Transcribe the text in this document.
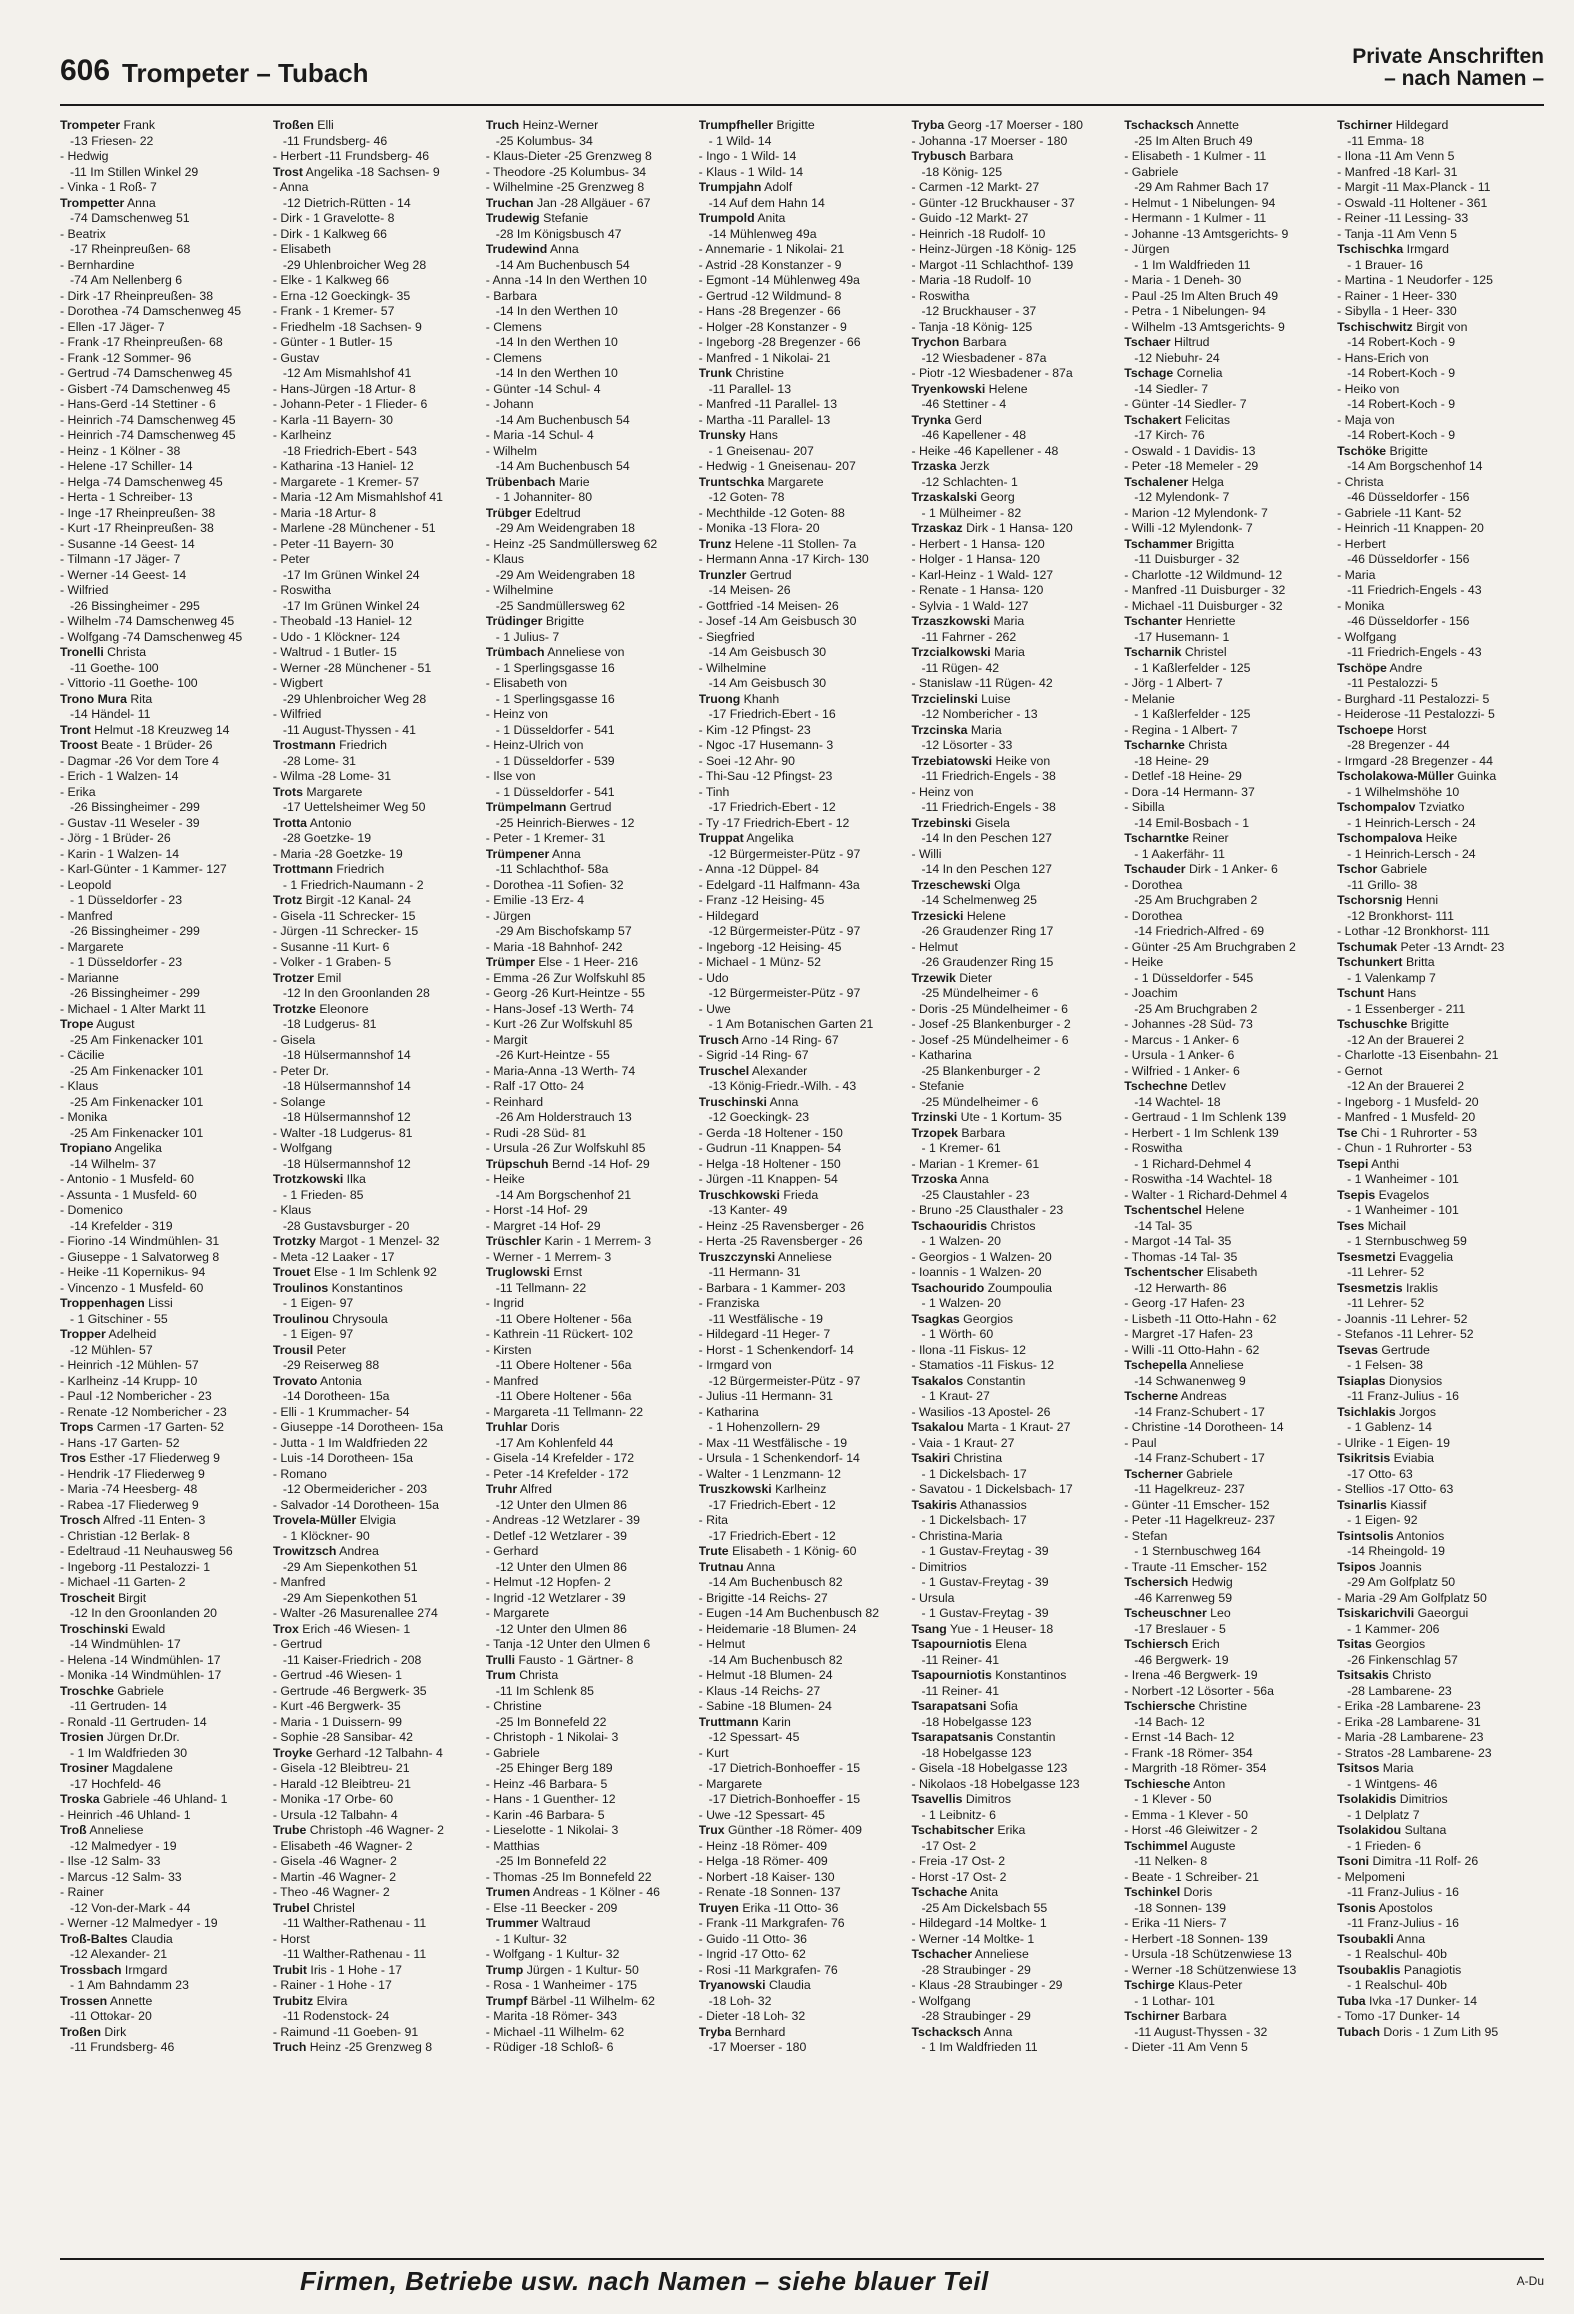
606 Trompeter – Tubach
Private Anschriften
– nach Namen –
Trompeter Frank
-13 Friesen- 22
- Hedwig
-11 Im Stillen Winkel 29
- Vinka - 1 Roß- 7
Trompetter Anna
-74 Damschenweg 51
- Beatrix
-17 Rheinpreußen- 68
- Bernhardine
-74 Am Nellenberg 6
- Dirk -17 Rheinpreußen- 38
- Dorothea -74 Damschenweg 45
- Ellen -17 Jäger- 7
- Frank -17 Rheinpreußen- 68
- Frank -12 Sommer- 96
- Gertrud -74 Damschenweg 45
- Gisbert -74 Damschenweg 45
- Hans-Gerd -14 Stettiner - 6
- Heinrich -74 Damschenweg 45
- Heinrich -74 Damschenweg 45
- Heinz - 1 Kölner - 38
- Helene -17 Schiller- 14
- Helga -74 Damschenweg 45
- Herta - 1 Schreiber- 13
- Inge -17 Rheinpreußen- 38
- Kurt -17 Rheinpreußen- 38
- Susanne -14 Geest- 14
- Tilmann -17 Jäger- 7
- Werner -14 Geest- 14
- Wilfried
-26 Bissingheimer - 295
- Wilhelm -74 Damschenweg 45
- Wolfgang -74 Damschenweg 45
Tronelli Christa
-11 Goethe- 100
- Vittorio -11 Goethe- 100
Trono Mura Rita
-14 Händel- 11
Tront Helmut -18 Kreuzweg 14
Troost Beate - 1 Brüder- 26
- Dagmar -26 Vor dem Tore 4
- Erich - 1 Walzen- 14
- Erika
-26 Bissingheimer - 299
- Gustav -11 Weseler - 39
- Jörg - 1 Brüder- 26
- Karin - 1 Walzen- 14
- Karl-Günter - 1 Kammer- 127
- Leopold
- 1 Düsseldorfer - 23
- Manfred
-26 Bissingheimer - 299
- Margarete
- 1 Düsseldorfer - 23
- Marianne
-26 Bissingheimer - 299
- Michael - 1 Alter Markt 11
Trope August
-25 Am Finkenacker 101
- Cäcilie
-25 Am Finkenacker 101
- Klaus
-25 Am Finkenacker 101
- Monika
-25 Am Finkenacker 101
Tropiano Angelika
-14 Wilhelm- 37
- Antonio - 1 Musfeld- 60
- Assunta - 1 Musfeld- 60
- Domenico
-14 Krefelder - 319
- Fiorino -14 Windmühlen- 31
- Giuseppe - 1 Salvatorweg 8
- Heike -11 Kopernikus- 94
- Vincenzo - 1 Musfeld- 60
Troppenhagen Lissi
- 1 Gitschiner - 55
Tropper Adelheid
-12 Mühlen- 57
- Heinrich -12 Mühlen- 57
- Karlheinz -14 Krupp- 10
- Paul -12 Nombericher - 23
- Renate -12 Nombericher - 23
Trops Carmen -17 Garten- 52
- Hans -17 Garten- 52
Tros Esther -17 Fliederweg 9
- Hendrik -17 Fliederweg 9
- Maria -74 Heesberg- 48
- Rabea -17 Fliederweg 9
Trosch Alfred -11 Enten- 3
- Christian -12 Berlak- 8
- Edeltraud -11 Neuhausweg 56
- Ingeborg -11 Pestalozzi- 1
- Michael -11 Garten- 2
Troscheit Birgit
-12 In den Groonlanden 20
Troschinski Ewald
-14 Windmühlen- 17
- Helena -14 Windmühlen- 17
- Monika -14 Windmühlen- 17
Troschke Gabriele
-11 Gertruden- 14
- Ronald -11 Gertruden- 14
Trosien Jürgen Dr.Dr.
- 1 Im Waldfrieden 30
Trosiner Magdalene
-17 Hochfeld- 46
Troska Gabriele -46 Uhland- 1
- Heinrich -46 Uhland- 1
Troß Anneliese
-12 Malmedyer - 19
- Ilse -12 Salm- 33
- Marcus -12 Salm- 33
- Rainer
-12 Von-der-Mark - 44
- Werner -12 Malmedyer - 19
Troß-Baltes Claudia
-12 Alexander- 21
Trossbach Irmgard
- 1 Am Bahndamm 23
Trossen Annette
-11 Ottokar- 20
Troßen Dirk
-11 Frundsberg- 46
Troßen Elli
-11 Frundsberg- 46
- Herbert -11 Frundsberg- 46
Trost Angelika -18 Sachsen- 9
- Anna
-12 Dietrich-Rütten - 14
- Dirk - 1 Gravelotte- 8
- Dirk - 1 Kalkweg 66
- Elisabeth
-29 Uhlenbroicher Weg 28
- Elke - 1 Kalkweg 66
- Erna -12 Goeckingk- 35
- Frank - 1 Kremer- 57
- Friedhelm -18 Sachsen- 9
- Günter - 1 Butler- 15
- Gustav
-12 Am Mismahlshof 41
- Hans-Jürgen -18 Artur- 8
- Johann-Peter - 1 Flieder- 6
- Karla -11 Bayern- 30
- Karlheinz
-18 Friedrich-Ebert - 543
- Katharina -13 Haniel- 12
- Margarete - 1 Kremer- 57
- Maria -12 Am Mismahlshof 41
- Maria -18 Artur- 8
- Marlene -28 Münchener - 51
- Peter -11 Bayern- 30
- Peter
-17 Im Grünen Winkel 24
- Roswitha
-17 Im Grünen Winkel 24
- Theobald -13 Haniel- 12
- Udo - 1 Klöckner- 124
- Waltrud - 1 Butler- 15
- Werner -28 Münchener - 51
- Wigbert
-29 Uhlenbroicher Weg 28
- Wilfried
-11 August-Thyssen - 41
Trostmann Friedrich
-28 Lome- 31
- Wilma -28 Lome- 31
Trots Margarete
-17 Uettelsheimer Weg 50
Trotta Antonio
-28 Goetzke- 19
- Maria -28 Goetzke- 19
Trottmann Friedrich
- 1 Friedrich-Naumann - 2
Trotz Birgit -12 Kanal- 24
- Gisela -11 Schrecker- 15
- Jürgen -11 Schrecker- 15
- Susanne -11 Kurt- 6
- Volker - 1 Graben- 5
Trotzer Emil
-12 In den Groonlanden 28
Trotzke Eleonore
-18 Ludgerus- 81
- Gisela
-18 Hülsermannshof 14
- Peter Dr.
-18 Hülsermannshof 14
- Solange
-18 Hülsermannshof 12
- Walter -18 Ludgerus- 81
- Wolfgang
-18 Hülsermannshof 12
Trotzkowski Ilka
- 1 Frieden- 85
- Klaus
-28 Gustavsburger - 20
Trotzky Margot - 1 Menzel- 32
- Meta -12 Laaker - 17
Trouet Else - 1 Im Schlenk 92
Troulinos Konstantinos
- 1 Eigen- 97
Troulinou Chrysoula
- 1 Eigen- 97
Trousil Peter
-29 Reiserweg 88
Trovato Antonia
-14 Dorotheen- 15a
- Elli - 1 Krummacher- 54
- Giuseppe -14 Dorotheen- 15a
- Jutta - 1 Im Waldfrieden 22
- Luis -14 Dorotheen- 15a
- Romano
-12 Obermeidericher - 203
- Salvador -14 Dorotheen- 15a
Trovela-Müller Elvigia
- 1 Klöckner- 90
Trowitzsch Andrea
-29 Am Siepenkothen 51
- Manfred
-29 Am Siepenkothen 51
- Walter -26 Masurenallee 274
Trox Erich -46 Wiesen- 1
- Gertrud
-11 Kaiser-Friedrich - 208
- Gertrud -46 Wiesen- 1
- Gertrude -46 Bergwerk- 35
- Kurt -46 Bergwerk- 35
- Maria - 1 Duissern- 99
- Sophie -28 Sansibar- 42
Troyke Gerhard -12 Talbahn- 4
- Gisela -12 Bleibtreu- 21
- Harald -12 Bleibtreu- 21
- Monika -17 Orbe- 60
- Ursula -12 Talbahn- 4
Trube Christoph -46 Wagner- 2
- Elisabeth -46 Wagner- 2
- Gisela -46 Wagner- 2
- Martin -46 Wagner- 2
- Theo -46 Wagner- 2
Trubel Christel
-11 Walther-Rathenau - 11
- Horst
-11 Walther-Rathenau - 11
Trubit Iris - 1 Hohe - 17
- Rainer - 1 Hohe - 17
Trubitz Elvira
-11 Rodenstock- 24
- Raimund -11 Goeben- 91
Truch Heinz -25 Grenzweg 8
Truch Heinz-Werner
-25 Kolumbus- 34
- Klaus-Dieter -25 Grenzweg 8
- Theodore -25 Kolumbus- 34
- Wilhelmine -25 Grenzweg 8
Truchan Jan -28 Allgäuer - 67
Trudewig Stefanie
-28 Im Königsbusch 47
Trudewind Anna
-14 Am Buchenbusch 54
- Anna -14 In den Werthen 10
- Barbara
-14 In den Werthen 10
- Clemens
-14 In den Werthen 10
- Clemens
-14 In den Werthen 10
- Günter -14 Schul- 4
- Johann
-14 Am Buchenbusch 54
- Maria -14 Schul- 4
- Wilhelm
-14 Am Buchenbusch 54
Trübenbach Marie
- 1 Johanniter- 80
Trübger Edeltrud
-29 Am Weidengraben 18
- Heinz -25 Sandmüllersweg 62
- Klaus
-29 Am Weidengraben 18
- Wilhelmine
-25 Sandmüllersweg 62
Trüdinger Brigitte
- 1 Julius- 7
Trümbach Anneliese von
- 1 Sperlingsgasse 16
- Elisabeth von
- 1 Sperlingsgasse 16
- Heinz von
- 1 Düsseldorfer - 541
- Heinz-Ulrich von
- 1 Düsseldorfer - 539
- Ilse von
- 1 Düsseldorfer - 541
Trümpelmann Gertrud
-25 Heinrich-Bierwes - 12
- Peter - 1 Kremer- 31
Trümpener Anna
-11 Schlachthof- 58a
- Dorothea -11 Sofien- 32
- Emilie -13 Erz- 4
- Jürgen
-29 Am Bischofskamp 57
- Maria -18 Bahnhof- 242
Trümper Else - 1 Heer- 216
- Emma -26 Zur Wolfskuhl 85
- Georg -26 Kurt-Heintze - 55
- Hans-Josef -13 Werth- 74
- Kurt -26 Zur Wolfskuhl 85
- Margit
-26 Kurt-Heintze - 55
- Maria-Anna -13 Werth- 74
- Ralf -17 Otto- 24
- Reinhard
-26 Am Holderstrauch 13
- Rudi -28 Süd- 81
- Ursula -26 Zur Wolfskuhl 85
Trüpschuh Bernd -14 Hof- 29
- Heike
-14 Am Borgschenhof 21
- Horst -14 Hof- 29
- Margret -14 Hof- 29
Trüschler Karin - 1 Merrem- 3
- Werner - 1 Merrem- 3
Truglowski Ernst
-11 Tellmann- 22
- Ingrid
-11 Obere Holtener - 56a
- Kathrein -11 Rückert- 102
- Kirsten
-11 Obere Holtener - 56a
- Manfred
-11 Obere Holtener - 56a
- Margareta -11 Tellmann- 22
Truhlar Doris
-17 Am Kohlenfeld 44
- Gisela -14 Krefelder - 172
- Peter -14 Krefelder - 172
Truhr Alfred
-12 Unter den Ulmen 86
- Andreas -12 Wetzlarer - 39
- Detlef -12 Wetzlarer - 39
- Gerhard
-12 Unter den Ulmen 86
- Helmut -12 Hopfen- 2
- Ingrid -12 Wetzlarer - 39
- Margarete
-12 Unter den Ulmen 86
- Tanja -12 Unter den Ulmen 6
Trulli Fausto - 1 Gärtner- 8
Trum Christa
-11 Im Schlenk 85
- Christine
-25 Im Bonnefeld 22
- Christoph - 1 Nikolai- 3
- Gabriele
-25 Ehinger Berg 189
- Heinz -46 Barbara- 5
- Hans - 1 Guenther- 12
- Karin -46 Barbara- 5
- Lieselotte - 1 Nikolai- 3
- Matthias
-25 Im Bonnefeld 22
- Thomas -25 Im Bonnefeld 22
Trumen Andreas - 1 Kölner - 46
- Else -11 Beecker - 209
Trummer Waltraud
- 1 Kultur- 32
- Wolfgang - 1 Kultur- 32
Trump Jürgen - 1 Kultur- 50
- Rosa - 1 Wanheimer - 175
Trumpf Bärbel -11 Wilhelm- 62
- Marita -18 Römer- 343
- Michael -11 Wilhelm- 62
- Rüdiger -18 Schloß- 6
Trumpfheller Brigitte
- 1 Wild- 14
- Ingo - 1 Wild- 14
- Klaus - 1 Wild- 14
Trumpjahn Adolf
-14 Auf dem Hahn 14
Trumpold Anita
-14 Mühlenweg 49a
- Annemarie - 1 Nikolai- 21
- Astrid -28 Konstanzer - 9
- Egmont -14 Mühlenweg 49a
- Gertrud -12 Wildmund- 8
- Hans -28 Bregenzer - 66
- Holger -28 Konstanzer - 9
- Ingeborg -28 Bregenzer - 66
- Manfred - 1 Nikolai- 21
Trunk Christine
-11 Parallel- 13
- Manfred -11 Parallel- 13
- Martha -11 Parallel- 13
Trunsky Hans
- 1 Gneisenau- 207
- Hedwig - 1 Gneisenau- 207
Truntschka Margarete
-12 Goten- 78
- Mechthilde -12 Goten- 88
- Monika -13 Flora- 20
Trunz Helene -11 Stollen- 7a
- Hermann Anna -17 Kirch- 130
Trunzler Gertrud
-14 Meisen- 26
- Gottfried -14 Meisen- 26
- Josef -14 Am Geisbusch 30
- Siegfried
-14 Am Geisbusch 30
- Wilhelmine
-14 Am Geisbusch 30
Truong Khanh
-17 Friedrich-Ebert - 16
- Kim -12 Pfingst- 23
- Ngoc -17 Husemann- 3
- Soei -12 Ahr- 90
- Thi-Sau -12 Pfingst- 23
- Tinh
-17 Friedrich-Ebert - 12
- Ty -17 Friedrich-Ebert - 12
Truppat Angelika
-12 Bürgermeister-Pütz - 97
- Anna -12 Düppel- 84
- Edelgard -11 Halfmann- 43a
- Franz -12 Heising- 45
- Hildegard
-12 Bürgermeister-Pütz - 97
- Ingeborg -12 Heising- 45
- Michael - 1 Münz- 52
- Udo
-12 Bürgermeister-Pütz - 97
- Uwe
- 1 Am Botanischen Garten 21
Trusch Arno -14 Ring- 67
- Sigrid -14 Ring- 67
Truschel Alexander
-13 König-Friedr.-Wilh. - 43
Truschinski Anna
-12 Goeckingk- 23
- Gerda -18 Holtener - 150
- Gudrun -11 Knappen- 54
- Helga -18 Holtener - 150
- Jürgen -11 Knappen- 54
Truschkowski Frieda
-13 Kanter- 49
- Heinz -25 Ravensberger - 26
- Herta -25 Ravensberger - 26
Truszczynski Anneliese
-11 Hermann- 31
- Barbara - 1 Kammer- 203
- Franziska
-11 Westfälische - 19
- Hildegard -11 Heger- 7
- Horst - 1 Schenkendorf- 14
- Irmgard von
-12 Bürgermeister-Pütz - 97
- Julius -11 Hermann- 31
- Katharina
- 1 Hohenzollern- 29
- Max -11 Westfälische - 19
- Ursula - 1 Schenkendorf- 14
- Walter - 1 Lenzmann- 12
Truszkowski Karlheinz
-17 Friedrich-Ebert - 12
- Rita
-17 Friedrich-Ebert - 12
Trute Elisabeth - 1 König- 60
Trutnau Anna
-14 Am Buchenbusch 82
- Brigitte -14 Reichs- 27
- Eugen -14 Am Buchenbusch 82
- Heidemarie -18 Blumen- 24
- Helmut
-14 Am Buchenbusch 82
- Helmut -18 Blumen- 24
- Klaus -14 Reichs- 27
- Sabine -18 Blumen- 24
Truttmann Karin
-12 Spessart- 45
- Kurt
-17 Dietrich-Bonhoeffer - 15
- Margarete
-17 Dietrich-Bonhoeffer - 15
- Uwe -12 Spessart- 45
Trux Günther -18 Römer- 409
- Heinz -18 Römer- 409
- Helga -18 Römer- 409
- Norbert -18 Kaiser- 130
- Renate -18 Sonnen- 137
Truyen Erika -11 Otto- 36
- Frank -11 Markgrafen- 76
- Guido -11 Otto- 36
- Ingrid -17 Otto- 62
- Rosi -11 Markgrafen- 76
Tryanowski Claudia
-18 Loh- 32
- Dieter -18 Loh- 32
Tryba Bernhard
-17 Moerser - 180
Tryba Georg -17 Moerser - 180
- Johanna -17 Moerser - 180
Trybusch Barbara
-18 König- 125
- Carmen -12 Markt- 27
- Günter -12 Bruckhauser - 37
- Guido -12 Markt- 27
- Heinrich -18 Rudolf- 10
- Heinz-Jürgen -18 König- 125
- Margot -11 Schlachthof- 139
- Maria -18 Rudolf- 10
- Roswitha
-12 Bruckhauser - 37
- Tanja -18 König- 125
Trychon Barbara
-12 Wiesbadener - 87a
- Piotr -12 Wiesbadener - 87a
Tryenkowski Helene
-46 Stettiner - 4
Trynka Gerd
-46 Kapellener - 48
- Heike -46 Kapellener - 48
Trzaska Jerzk
-12 Schlachten- 1
Trzaskalski Georg
- 1 Mülheimer - 82
Trzaskaz Dirk - 1 Hansa- 120
- Herbert - 1 Hansa- 120
- Holger - 1 Hansa- 120
- Karl-Heinz - 1 Wald- 127
- Renate - 1 Hansa- 120
- Sylvia - 1 Wald- 127
Trzaszkowski Maria
-11 Fahrner - 262
Trzcialkowski Maria
-11 Rügen- 42
- Stanislaw -11 Rügen- 42
Trzcielinski Luise
-12 Nombericher - 13
Trzcinska Maria
-12 Lösorter - 33
Trzebiatowski Heike von
-11 Friedrich-Engels - 38
- Heinz von
-11 Friedrich-Engels - 38
Trzebinski Gisela
-14 In den Peschen 127
- Willi
-14 In den Peschen 127
Trzeschewski Olga
-14 Schelmenweg 25
Trzesicki Helene
-26 Graudenzer Ring 17
- Helmut
-26 Graudenzer Ring 15
Trzewik Dieter
-25 Mündelheimer - 6
- Doris -25 Mündelheimer - 6
- Josef -25 Blankenburger - 2
- Josef -25 Mündelheimer - 6
- Katharina
-25 Blankenburger - 2
- Stefanie
-25 Mündelheimer - 6
Trzinski Ute - 1 Kortum- 35
Trzopek Barbara
- 1 Kremer- 61
- Marian - 1 Kremer- 61
Trzoska Anna
-25 Claustahler - 23
- Bruno -25 Clausthaler - 23
Tschaouridis Christos
- 1 Walzen- 20
- Georgios - 1 Walzen- 20
- Ioannis - 1 Walzen- 20
Tsachourido Zoumpoulia
- 1 Walzen- 20
Tsagkas Georgios
- 1 Wörth- 60
- Ilona -11 Fiskus- 12
- Stamatios -11 Fiskus- 12
Tsakalos Constantin
- 1 Kraut- 27
- Wasilios -13 Apostel- 26
Tsakalou Marta - 1 Kraut- 27
- Vaia - 1 Kraut- 27
Tsakiri Christina
- 1 Dickelsbach- 17
- Savatou - 1 Dickelsbach- 17
Tsakiris Athanassios
- 1 Dickelsbach- 17
- Christina-Maria
- 1 Gustav-Freytag - 39
- Dimitrios
- 1 Gustav-Freytag - 39
- Ursula
- 1 Gustav-Freytag - 39
Tsang Yue - 1 Heuser- 18
Tsapourniotis Elena
-11 Reiner- 41
Tsapourniotis Konstantinos
-11 Reiner- 41
Tsarapatsani Sofia
-18 Hobelgasse 123
Tsarapatsanis Constantin
-18 Hobelgasse 123
- Gisela -18 Hobelgasse 123
- Nikolaos -18 Hobelgasse 123
Tsavellis Dimitros
- 1 Leibnitz- 6
Tschabitscher Erika
-17 Ost- 2
- Freia -17 Ost- 2
- Horst -17 Ost- 2
Tschache Anita
-25 Am Dickelsbach 55
- Hildegard -14 Moltke- 1
- Werner -14 Moltke- 1
Tschacher Anneliese
-28 Straubinger - 29
- Klaus -28 Straubinger - 29
- Wolfgang
-28 Straubinger - 29
Tschacksch Anna
- 1 Im Waldfrieden 11
Tschacksch Annette
-25 Im Alten Bruch 49
- Elisabeth - 1 Kulmer - 11
- Gabriele
-29 Am Rahmer Bach 17
- Helmut - 1 Nibelungen- 94
- Hermann - 1 Kulmer - 11
- Johanne -13 Amtsgerichts- 9
- Jürgen
- 1 Im Waldfrieden 11
- Maria - 1 Deneh- 30
- Paul -25 Im Alten Bruch 49
- Petra - 1 Nibelungen- 94
- Wilhelm -13 Amtsgerichts- 9
Tschaer Hiltrud
-12 Niebuhr- 24
Tschage Cornelia
-14 Siedler- 7
- Günter -14 Siedler- 7
Tschakert Felicitas
-17 Kirch- 76
- Oswald - 1 Davidis- 13
- Peter -18 Memeler - 29
Tschalener Helga
-12 Mylendonk- 7
- Marion -12 Mylendonk- 7
- Willi -12 Mylendonk- 7
Tschammer Brigitta
-11 Duisburger - 32
- Charlotte -12 Wildmund- 12
- Manfred -11 Duisburger - 32
- Michael -11 Duisburger - 32
Tschanter Henriette
-17 Husemann- 1
Tscharnik Christel
- 1 Kaßlerfelder - 125
- Jörg - 1 Albert- 7
- Melanie
- 1 Kaßlerfelder - 125
- Regina - 1 Albert- 7
Tscharnke Christa
-18 Heine- 29
- Detlef -18 Heine- 29
- Dora -14 Hermann- 37
- Sibilla
-14 Emil-Bosbach - 1
Tscharntke Reiner
- 1 Aakerfähr- 11
Tschauder Dirk - 1 Anker- 6
- Dorothea
-25 Am Bruchgraben 2
- Dorothea
-14 Friedrich-Alfred - 69
- Günter -25 Am Bruchgraben 2
- Heike
- 1 Düsseldorfer - 545
- Joachim
-25 Am Bruchgraben 2
- Johannes -28 Süd- 73
- Marcus - 1 Anker- 6
- Ursula - 1 Anker- 6
- Wilfried - 1 Anker- 6
Tschechne Detlev
-14 Wachtel- 18
- Gertraud - 1 Im Schlenk 139
- Herbert - 1 Im Schlenk 139
- Roswitha
- 1 Richard-Dehmel 4
- Roswitha -14 Wachtel- 18
- Walter - 1 Richard-Dehmel 4
Tschentschel Helene
-14 Tal- 35
- Margot -14 Tal- 35
- Thomas -14 Tal- 35
Tschentscher Elisabeth
-12 Herwarth- 86
- Georg -17 Hafen- 23
- Lisbeth -11 Otto-Hahn - 62
- Margret -17 Hafen- 23
- Willi -11 Otto-Hahn - 62
Tschepella Anneliese
-14 Schwanenweg 9
Tscherne Andreas
-14 Franz-Schubert - 17
- Christine -14 Dorotheen- 14
- Paul
-14 Franz-Schubert - 17
Tscherner Gabriele
-11 Hagelkreuz- 237
- Günter -11 Emscher- 152
- Peter -11 Hagelkreuz- 237
- Stefan
- 1 Sternbuschweg 164
- Traute -11 Emscher- 152
Tschersich Hedwig
-46 Karrenweg 59
Tscheuschner Leo
-17 Breslauer - 5
Tschiersch Erich
-46 Bergwerk- 19
- Irena -46 Bergwerk- 19
- Norbert -12 Lösorter - 56a
Tschiersche Christine
-14 Bach- 12
- Ernst -14 Bach- 12
- Frank -18 Römer- 354
- Margrith -18 Römer- 354
Tschiesche Anton
- 1 Klever - 50
- Emma - 1 Klever - 50
- Horst -46 Gleiwitzer - 2
Tschimmel Auguste
-11 Nelken- 8
- Beate - 1 Schreiber- 21
Tschinkel Doris
-18 Sonnen- 139
- Erika -11 Niers- 7
- Herbert -18 Sonnen- 139
- Ursula -18 Schützenwiese 13
- Werner -18 Schützenwiese 13
Tschirge Klaus-Peter
- 1 Lothar- 101
Tschirner Barbara
-11 August-Thyssen - 32
- Dieter -11 Am Venn 5
Tschirner Hildegard
-11 Emma- 18
- Ilona -11 Am Venn 5
- Manfred -18 Karl- 31
- Margit -11 Max-Planck - 11
- Oswald -11 Holtener - 361
- Reiner -11 Lessing- 33
- Tanja -11 Am Venn 5
Tschischka Irmgard
- 1 Brauer- 16
- Martina - 1 Neudorfer - 125
- Rainer - 1 Heer- 330
- Sibylla - 1 Heer- 330
Tschischwitz Birgit von
-14 Robert-Koch - 9
- Hans-Erich von
-14 Robert-Koch - 9
- Heiko von
-14 Robert-Koch - 9
- Maja von
-14 Robert-Koch - 9
Tschöke Brigitte
-14 Am Borgschenhof 14
- Christa
-46 Düsseldorfer - 156
- Gabriele -11 Kant- 52
- Heinrich -11 Knappen- 20
- Herbert
-46 Düsseldorfer - 156
- Maria
-11 Friedrich-Engels - 43
- Monika
-46 Düsseldorfer - 156
- Wolfgang
-11 Friedrich-Engels - 43
Tschöpe Andre
-11 Pestalozzi- 5
- Burghard -11 Pestalozzi- 5
- Heiderose -11 Pestalozzi- 5
Tschoepe Horst
-28 Bregenzer - 44
- Irmgard -28 Bregenzer - 44
Tscholakowa-Müller Guinka
- 1 Wilhelmshöhe 10
Tschompalov Tzviatko
- 1 Heinrich-Lersch - 24
Tschompalova Heike
- 1 Heinrich-Lersch - 24
Tschor Gabriele
-11 Grillo- 38
Tschorsnig Henni
-12 Bronkhorst- 111
- Lothar -12 Bronkhorst- 111
Tschumak Peter -13 Arndt- 23
Tschunkert Britta
- 1 Valenkamp 7
Tschunt Hans
- 1 Essenberger - 211
Tschuschke Brigitte
-12 An der Brauerei 2
- Charlotte -13 Eisenbahn- 21
- Gernot
-12 An der Brauerei 2
- Ingeborg - 1 Musfeld- 20
- Manfred - 1 Musfeld- 20
Tse Chi - 1 Ruhrorter - 53
- Chun - 1 Ruhrorter - 53
Tsepi Anthi
- 1 Wanheimer - 101
Tsepis Evagelos
- 1 Wanheimer - 101
Tses Michail
- 1 Sternbuschweg 59
Tsesmetzi Evaggelia
-11 Lehrer- 52
Tsesmetzis Iraklis
-11 Lehrer- 52
- Joannis -11 Lehrer- 52
- Stefanos -11 Lehrer- 52
Tsevas Gertrude
- 1 Felsen- 38
Tsiaplas Dionysios
-11 Franz-Julius - 16
Tsichlakis Jorgos
- 1 Gablenz- 14
- Ulrike - 1 Eigen- 19
Tsikritsis Eviabia
-17 Otto- 63
- Stellios -17 Otto- 63
Tsinarlis Kiassif
- 1 Eigen- 92
Tsintsolis Antonios
-14 Rheingold- 19
Tsipos Joannis
-29 Am Golfplatz 50
- Maria -29 Am Golfplatz 50
Tsiskarichvili Gaeorgui
- 1 Kammer- 206
Tsitas Georgios
-26 Finkenschlag 57
Tsitsakis Christo
-28 Lambarene- 23
- Erika -28 Lambarene- 23
- Erika -28 Lambarene- 31
- Maria -28 Lambarene- 23
- Stratos -28 Lambarene- 23
Tsitsos Maria
- 1 Wintgens- 46
Tsolakidis Dimitrios
- 1 Delplatz 7
Tsolakidou Sultana
- 1 Frieden- 6
Tsoni Dimitra -11 Rolf- 26
- Melpomeni
-11 Franz-Julius - 16
Tsonis Apostolos
-11 Franz-Julius - 16
Tsoubakli Anna
- 1 Realschul- 40b
Tsoubaklis Panagiotis
- 1 Realschul- 40b
Tuba Ivka -17 Dunker- 14
- Tomo -17 Dunker- 14
Tubach Doris - 1 Zum Lith 95
Firmen, Betriebe usw. nach Namen – siehe blauer Teil	A-Du
